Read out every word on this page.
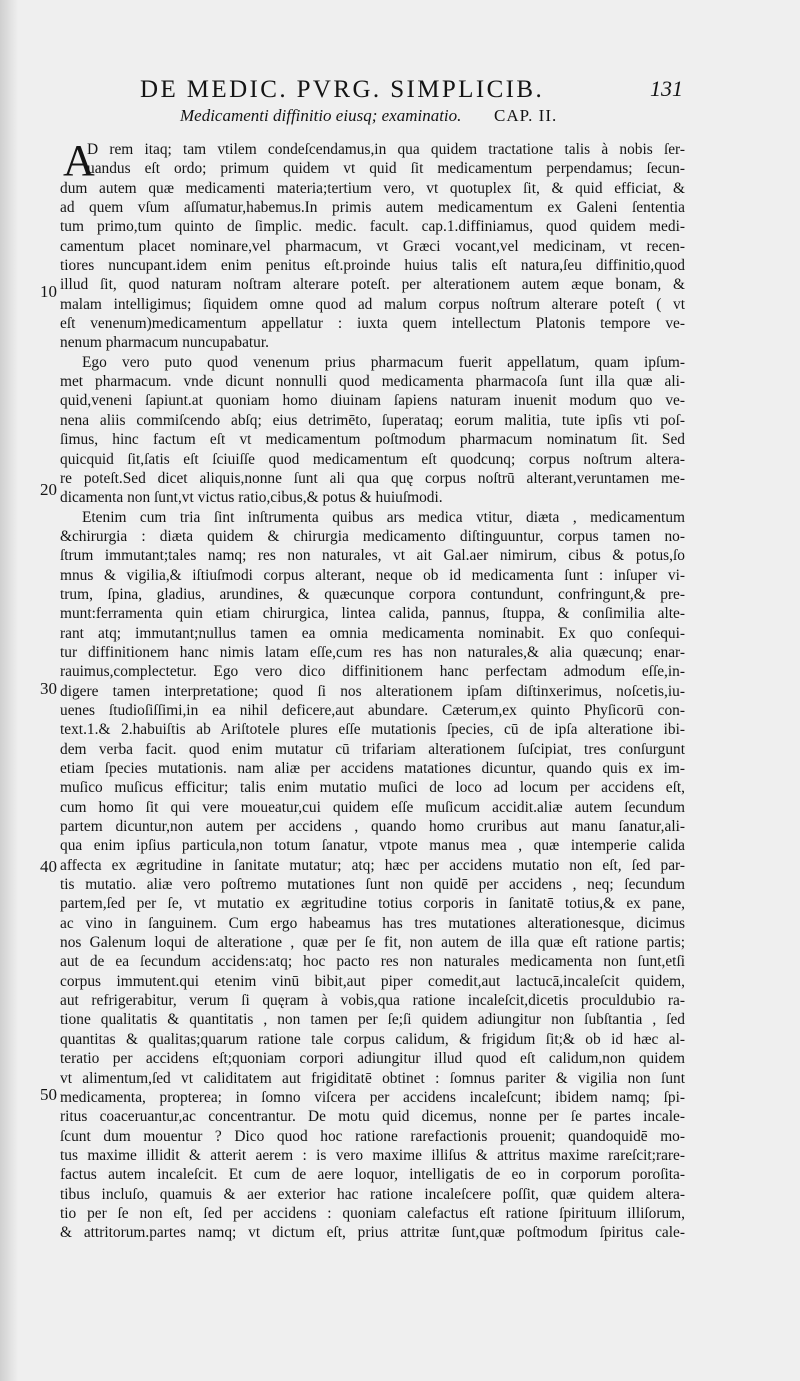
DE MEDIC. PVRG. SIMPLICIB.	131
Medicamenti diffinitio eiusq; examinatio. CAP. II.
10
20
30
40
50
A
D rem itaq; tam vtilem condeſcendamus,in qua quidem tractatione talis à nobis ſer-
uandus eſt ordo; primum quidem vt quid ſit medicamentum perpendamus; ſecun-
dum autem quæ medicamenti materia;tertium vero, vt quotuplex ſit, & quid efficiat, &
ad quem vſum aſſumatur,habemus.In primis autem medicamentum ex Galeni ſententia
tum primo,tum quinto de ſimplic. medic. facult. cap.1.diffiniamus, quod quidem medi-
camentum placet nominare,vel pharmacum, vt Græci vocant,vel medicinam, vt recen-
tiores nuncupant.idem enim penitus eſt.proinde huius talis eſt natura,ſeu diffinitio,quod
illud ſit, quod naturam noſtram alterare poteſt. per alterationem autem æque bonam, &
malam intelligimus; ſiquidem omne quod ad malum corpus noſtrum alterare poteſt ( vt
eſt venenum)medicamentum appellatur : iuxta quem intellectum Platonis tempore ve-
nenum pharmacum nuncupabatur.
Ego vero puto quod venenum prius pharmacum fuerit appellatum, quam ipſum-
met pharmacum. vnde dicunt nonnulli quod medicamenta pharmacoſa ſunt illa quæ ali-
quid,veneni ſapiunt.at quoniam homo diuinam ſapiens naturam inuenit modum quo ve-
nena aliis commiſcendo abſq; eius detrimēto, ſuperataq; eorum malitia, tute ipſis vti poſ-
ſimus, hinc factum eſt vt medicamentum poſtmodum pharmacum nominatum ſit. Sed
quicquid ſit,ſatis eſt ſciuiſſe quod medicamentum eſt quodcunq; corpus noſtrum altera-
re poteſt.Sed dicet aliquis,nonne ſunt ali qua quę corpus noſtrū alterant,veruntamen me-
dicamenta non ſunt,vt victus ratio,cibus,& potus & huiuſmodi.
Etenim cum tria ſint inſtrumenta quibus ars medica vtitur, diæta , medicamentum
&chirurgia : diæta quidem & chirurgia medicamento diſtinguuntur, corpus tamen no-
ſtrum immutant;tales namq; res non naturales, vt ait Gal.aer nimirum, cibus & potus,ſo
mnus & vigilia,& iſtiuſmodi corpus alterant, neque ob id medicamenta ſunt : inſuper vi-
trum, ſpina, gladius, arundines, & quæcunque corpora contundunt, confringunt,& pre-
munt:ferramenta quin etiam chirurgica, lintea calida, pannus, ſtuppa, & conſimilia alte-
rant atq; immutant;nullus tamen ea omnia medicamenta nominabit. Ex quo conſequi-
tur diffinitionem hanc nimis latam eſſe,cum res has non naturales,& alia quæcunq; enar-
rauimus,complectetur. Ego vero dico diffinitionem hanc perfectam admodum eſſe,in-
digere tamen interpretatione; quod ſi nos alterationem ipſam diſtinxerimus, noſcetis,iu-
uenes ſtudioſiſſimi,in ea nihil deficere,aut abundare. Cæterum,ex quinto Phyſicorū con-
text.1.& 2.habuiſtis ab Ariſtotele plures eſſe mutationis ſpecies, cū de ipſa alteratione ibi-
dem verba facit. quod enim mutatur cū trifariam alterationem ſuſcipiat, tres conſurgunt
etiam ſpecies mutationis. nam aliæ per accidens matationes dicuntur, quando quis ex im-
muſico muſicus efficitur; talis enim mutatio muſici de loco ad locum per accidens eſt,
cum homo ſit qui vere moueatur,cui quidem eſſe muſicum accidit.aliæ autem ſecundum
partem dicuntur,non autem per accidens , quando homo cruribus aut manu ſanatur,ali-
qua enim ipſius particula,non totum ſanatur, vtpote manus mea , quæ intemperie calida
affecta ex ægritudine in ſanitate mutatur; atq; hæc per accidens mutatio non eſt, ſed par-
tis mutatio. aliæ vero poſtremo mutationes ſunt non quidē per accidens , neq; ſecundum
partem,ſed per ſe, vt mutatio ex ægritudine totius corporis in ſanitatē totius,& ex pane,
ac vino in ſanguinem. Cum ergo habeamus has tres mutationes alterationesque, dicimus
nos Galenum loqui de alteratione , quæ per ſe fit, non autem de illa quæ eſt ratione partis;
aut de ea ſecundum accidens:atq; hoc pacto res non naturales medicamenta non ſunt,etſi
corpus immutent.qui etenim vinū bibit,aut piper comedit,aut lactucā,incaleſcit quidem,
aut refrigerabitur, verum ſi quęram à vobis,qua ratione incaleſcit,dicetis proculdubio ra-
tione qualitatis & quantitatis , non tamen per ſe;ſi quidem adiungitur non ſubſtantia , ſed
quantitas & qualitas;quarum ratione tale corpus calidum, & frigidum ſit;& ob id hæc al-
teratio per accidens eſt;quoniam corpori adiungitur illud quod eſt calidum,non quidem
vt alimentum,ſed vt caliditatem aut frigiditatē obtinet : ſomnus pariter & vigilia non ſunt
medicamenta, propterea; in ſomno viſcera per accidens incaleſcunt; ibidem namq; ſpi-
ritus coaceruantur,ac concentrantur. De motu quid dicemus, nonne per ſe partes incale-
ſcunt dum mouentur ? Dico quod hoc ratione rarefactionis prouenit; quandoquidē mo-
tus maxime illidit & atterit aerem : is vero maxime illiſus & attritus maxime rareſcit;rare-
factus autem incaleſcit. Et cum de aere loquor, intelligatis de eo in corporum poroſita-
tibus incluſo, quamuis & aer exterior hac ratione incaleſcere poſſit, quæ quidem altera-
tio per ſe non eſt, ſed per accidens : quoniam calefactus eſt ratione ſpirituum illiſorum,
& attritorum.partes namq; vt dictum eſt, prius attritæ ſunt,quæ poſtmodum ſpiritus cale-
